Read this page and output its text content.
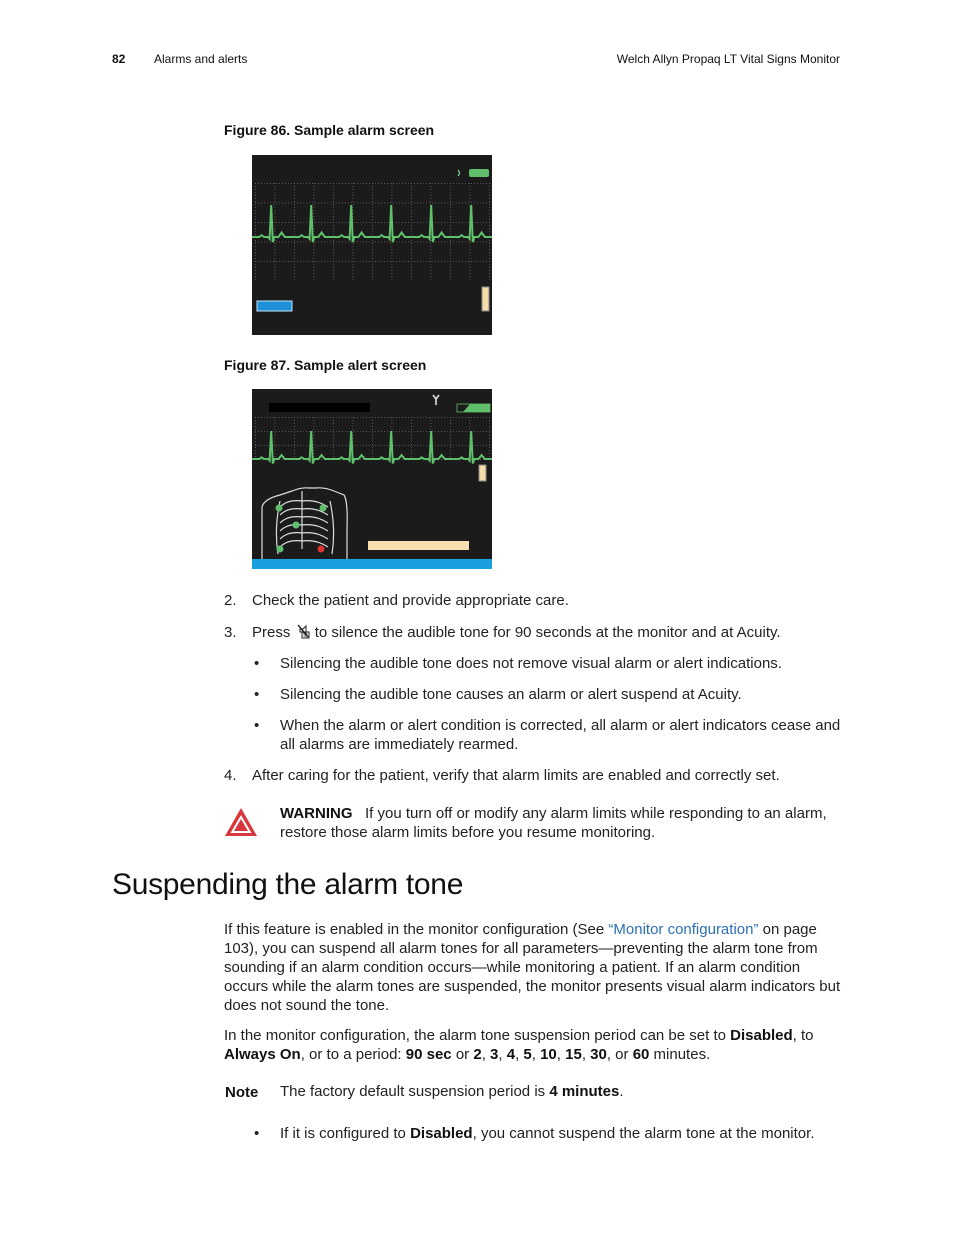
82 Alarms and alerts	Welch Allyn Propaq LT Vital Signs Monitor
Figure 86. Sample alarm screen
Figure 87. Sample alert screen
2. Check the patient and provide appropriate care.
3. Press to silence the audible tone for 90 seconds at the monitor and at Acuity.
• Silencing the audible tone does not remove visual alarm or alert indications.
• Silencing the audible tone causes an alarm or alert suspend at Acuity.
• When the alarm or alert condition is corrected, all alarm or alert indicators cease and all alarms are immediately rearmed.
4. After caring for the patient, verify that alarm limits are enabled and correctly set.
WARNING If you turn off or modify any alarm limits while responding to an alarm, restore those alarm limits before you resume monitoring.
Suspending the alarm tone
If this feature is enabled in the monitor configuration (See “Monitor configuration” on page 103), you can suspend all alarm tones for all parameters—preventing the alarm tone from sounding if an alarm condition occurs—while monitoring a patient. If an alarm condition occurs while the alarm tones are suspended, the monitor presents visual alarm indicators but does not sound the tone.
In the monitor configuration, the alarm tone suspension period can be set to Disabled, to Always On, or to a period: 90 sec or 2, 3, 4, 5, 10, 15, 30, or 60 minutes.
Note The factory default suspension period is 4 minutes.
• If it is configured to Disabled, you cannot suspend the alarm tone at the monitor.
